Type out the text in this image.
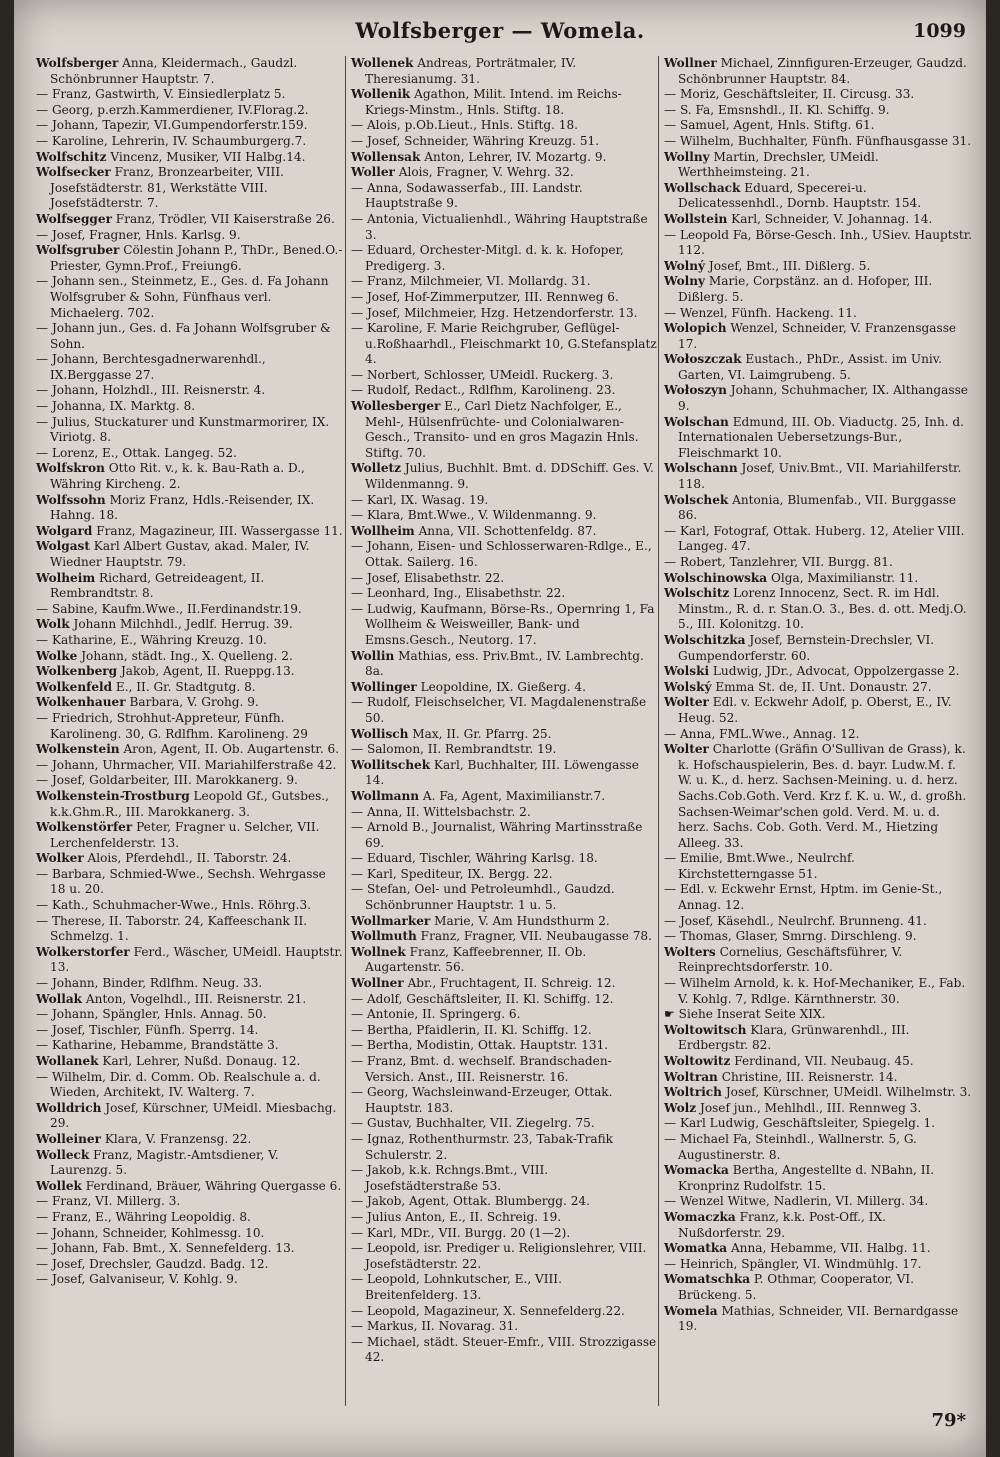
Wolfsberger — Womela.	1099

Wolfsberger Anna, Kleidermach., Gaudzl. Schönbrunner Hauptstr. 7.

— Franz, Gastwirth, V. Einsiedlerplatz 5.

— Georg, p.erzh.Kammerdiener, IV.Florag.2.

— Johann, Tapezir, VI.Gumpendorferstr.159.

— Karoline, Lehrerin, IV. Schaumburgerg.7.

Wolfschitz Vincenz, Musiker, VII Halbg.14.

Wolfsecker Franz, Bronzearbeiter, VIII. Josefstädterstr. 81, Werkstätte VIII. Josefstädterstr. 7.

Wolfsegger Franz, Trödler, VII Kaiserstraße 26.

— Josef, Fragner, Hnls. Karlsg. 9.

Wolfsgruber Cölestin Johann P., ThDr., Bened.O.-Priester, Gymn.Prof., Freiung6.

— Johann sen., Steinmetz, E., Ges. d. Fa Johann Wolfsgruber & Sohn, Fünfhaus verl. Michaelerg. 702.

— Johann jun., Ges. d. Fa Johann Wolfsgruber & Sohn.

— Johann, Berchtesgadnerwarenhdl., IX.Berggasse 27.

— Johann, Holzhdl., III. Reisnerstr. 4.

— Johanna, IX. Marktg. 8.

— Julius, Stuckaturer und Kunstmarmorirer, IX. Viriotg. 8.

— Lorenz, E., Ottak. Langeg. 52.

Wolfskron Otto Rit. v., k. k. Bau-Rath a. D., Währing Kircheng. 2.

Wolfssohn Moriz Franz, Hdls.-Reisender, IX. Hahng. 18.

Wolgard Franz, Magazineur, III. Wassergasse 11.

Wolgast Karl Albert Gustav, akad. Maler, IV. Wiedner Hauptstr. 79.

Wolheim Richard, Getreideagent, II. Rembrandtstr. 8.

— Sabine, Kaufm.Wwe., II.Ferdinandstr.19.

Wolk Johann Milchhdl., Jedlf. Herrug. 39.

— Katharine, E., Währing Kreuzg. 10.

Wolke Johann, städt. Ing., X. Quelleng. 2.

Wolkenberg Jakob, Agent, II. Rueppg.13.

Wolkenfeld E., II. Gr. Stadtgutg. 8.

Wolkenhauer Barbara, V. Grohg. 9.

— Friedrich, Strohhut-Appreteur, Fünfh. Karolineng. 30, G. Rdlfhm. Karolineng. 29

Wolkenstein Aron, Agent, II. Ob. Augartenstr. 6.

— Johann, Uhrmacher, VII. Mariahilferstraße 42.

— Josef, Goldarbeiter, III. Marokkanerg. 9.

Wolkenstein-Trostburg Leopold Gf., Gutsbes., k.k.Ghm.R., III. Marokkanerg. 3.

Wolkenstörfer Peter, Fragner u. Selcher, VII. Lerchenfelderstr. 13.

Wolker Alois, Pferdehdl., II. Taborstr. 24.

— Barbara, Schmied-Wwe., Sechsh. Wehrgasse 18 u. 20.

— Kath., Schuhmacher-Wwe., Hnls. Röhrg.3.

— Therese, II. Taborstr. 24, Kaffeeschank II. Schmelzg. 1.

Wolkerstorfer Ferd., Wäscher, UMeidl. Hauptstr. 13.

— Johann, Binder, Rdlfhm. Neug. 33.

Wollak Anton, Vogelhdl., III. Reisnerstr. 21.

— Johann, Spängler, Hnls. Annag. 50.

— Josef, Tischler, Fünfh. Sperrg. 14.

— Katharine, Hebamme, Brandstätte 3.

Wollanek Karl, Lehrer, Nußd. Donaug. 12.

— Wilhelm, Dir. d. Comm. Ob. Realschule a. d. Wieden, Architekt, IV. Walterg. 7.

Wolldrich Josef, Kürschner, UMeidl. Miesbachg. 29.

Wolleiner Klara, V. Franzensg. 22.

Wolleck Franz, Magistr.-Amtsdiener, V. Laurenzg. 5.

Wollek Ferdinand, Bräuer, Währing Quergasse 6.

— Franz, VI. Millerg. 3.

— Franz, E., Währing Leopoldig. 8.

— Johann, Schneider, Kohlmessg. 10.

— Johann, Fab. Bmt., X. Sennefelderg. 13.

— Josef, Drechsler, Gaudzd. Badg. 12.

— Josef, Galvaniseur, V. Kohlg. 9.

Wollenek Andreas, Porträtmaler, IV. Theresianumg. 31.

Wollenik Agathon, Milit. Intend. im Reichs-Kriegs-Minstm., Hnls. Stiftg. 18.

— Alois, p.Ob.Lieut., Hnls. Stiftg. 18.

— Josef, Schneider, Währing Kreuzg. 51.

Wollensak Anton, Lehrer, IV. Mozartg. 9.

Woller Alois, Fragner, V. Wehrg. 32.

— Anna, Sodawasserfab., III. Landstr. Hauptstraße 9.

— Antonia, Victualienhdl., Währing Hauptstraße 3.

— Eduard, Orchester-Mitgl. d. k. k. Hofoper, Predigerg. 3.

— Franz, Milchmeier, VI. Mollardg. 31.

— Josef, Hof-Zimmerputzer, III. Rennweg 6.

— Josef, Milchmeier, Hzg. Hetzendorferstr. 13.

— Karoline, F. Marie Reichgruber, Geflügel-u.Roßhaarhdl., Fleischmarkt 10, G.Stefansplatz 4.

— Norbert, Schlosser, UMeidl. Ruckerg. 3.

— Rudolf, Redact., Rdlfhm, Karolineng. 23.

Wollesberger E., Carl Dietz Nachfolger, E., Mehl-, Hülsenfrüchte- und Colonialwaren-Gesch., Transito- und en gros Magazin Hnls. Stiftg. 70.

Wolletz Julius, Buchhlt. Bmt. d. DDSchiff. Ges. V. Wildenmanng. 9.

— Karl, IX. Wasag. 19.

— Klara, Bmt.Wwe., V. Wildenmanng. 9.

Wollheim Anna, VII. Schottenfeldg. 87.

— Johann, Eisen- und Schlosserwaren-Rdlge., E., Ottak. Sailerg. 16.

— Josef, Elisabethstr. 22.

— Leonhard, Ing., Elisabethstr. 22.

— Ludwig, Kaufmann, Börse-Rs., Opernring 1, Fa Wollheim & Weisweiller, Bank- und Emsns.Gesch., Neutorg. 17.

Wollin Mathias, ess. Priv.Bmt., IV. Lambrechtg. 8a.

Wollinger Leopoldine, IX. Gießerg. 4.

— Rudolf, Fleischselcher, VI. Magdalenenstraße 50.

Wollisch Max, II. Gr. Pfarrg. 25.

— Salomon, II. Rembrandtstr. 19.

Wollitschek Karl, Buchhalter, III. Löwengasse 14.

Wollmann A. Fa, Agent, Maximilianstr.7.

— Anna, II. Wittelsbachstr. 2.

— Arnold B., Journalist, Währing Martinsstraße 69.

— Eduard, Tischler, Währing Karlsg. 18.

— Karl, Spediteur, IX. Bergg. 22.

— Stefan, Oel- und Petroleumhdl., Gaudzd. Schönbrunner Hauptstr. 1 u. 5.

Wollmarker Marie, V. Am Hundsthurm 2.

Wollmuth Franz, Fragner, VII. Neubaugasse 78.

Wollnek Franz, Kaffeebrenner, II. Ob. Augartenstr. 56.

Wollner Abr., Fruchtagent, II. Schreig. 12.

— Adolf, Geschäftsleiter, II. Kl. Schiffg. 12.

— Antonie, II. Springerg. 6.

— Bertha, Pfaidlerin, II. Kl. Schiffg. 12.

— Bertha, Modistin, Ottak. Hauptstr. 131.

— Franz, Bmt. d. wechself. Brandschaden-Versich. Anst., III. Reisnerstr. 16.

— Georg, Wachsleinwand-Erzeuger, Ottak. Hauptstr. 183.

— Gustav, Buchhalter, VII. Ziegelrg. 75.

— Ignaz, Rothenthurmstr. 23, Tabak-Trafik Schulerstr. 2.

— Jakob, k.k. Rchngs.Bmt., VIII. Josefstädterstraße 53.

— Jakob, Agent, Ottak. Blumbergg. 24.

— Julius Anton, E., II. Schreig. 19.

— Karl, MDr., VII. Burgg. 20 (1—2).

— Leopold, isr. Prediger u. Religionslehrer, VIII. Josefstädterstr. 22.

— Leopold, Lohnkutscher, E., VIII. Breitenfelderg. 13.

— Leopold, Magazineur, X. Sennefelderg.22.

— Markus, II. Novarag. 31.

— Michael, städt. Steuer-Emfr., VIII. Strozzigasse 42.

Wollner Michael, Zinnfiguren-Erzeuger, Gaudzd. Schönbrunner Hauptstr. 84.

— Moriz, Geschäftsleiter, II. Circusg. 33.

— S. Fa, Emsnshdl., II. Kl. Schiffg. 9.

— Samuel, Agent, Hnls. Stiftg. 61.

— Wilhelm, Buchhalter, Fünfh. Fünfhausgasse 31.

Wollny Martin, Drechsler, UMeidl. Werthheimsteing. 21.

Wollschack Eduard, Specerei-u. Delicatessenhdl., Dornb. Hauptstr. 154.

Wollstein Karl, Schneider, V. Johannag. 14.

— Leopold Fa, Börse-Gesch. Inh., USiev. Hauptstr. 112.

Wolný Josef, Bmt., III. Dißlerg. 5.

Wolny Marie, Corpstänz. an d. Hofoper, III. Dißlerg. 5.

— Wenzel, Fünfh. Hackeng. 11.

Wolopich Wenzel, Schneider, V. Franzensgasse 17.

Wołoszczak Eustach., PhDr., Assist. im Univ. Garten, VI. Laimgrubeng. 5.

Wołoszyn Johann, Schuhmacher, IX. Althangasse 9.

Wolschan Edmund, III. Ob. Viaductg. 25, Inh. d. Internationalen Uebersetzungs-Bur., Fleischmarkt 10.

Wolschann Josef, Univ.Bmt., VII. Mariahilferstr. 118.

Wolschek Antonia, Blumenfab., VII. Burggasse 86.

— Karl, Fotograf, Ottak. Huberg. 12, Atelier VIII. Langeg. 47.

— Robert, Tanzlehrer, VII. Burgg. 81.

Wolschinowska Olga, Maximilianstr. 11.

Wolschitz Lorenz Innocenz, Sect. R. im Hdl. Minstm., R. d. r. Stan.O. 3., Bes. d. ott. Medj.O. 5., III. Kolonitzg. 10.

Wolschitzka Josef, Bernstein-Drechsler, VI. Gumpendorferstr. 60.

Wolski Ludwig, JDr., Advocat, Oppolzergasse 2.

Wolský Emma St. de, II. Unt. Donaustr. 27.

Wolter Edl. v. Eckwehr Adolf, p. Oberst, E., IV. Heug. 52.

— Anna, FML.Wwe., Annag. 12.

Wolter Charlotte (Gräfin O'Sullivan de Grass), k. k. Hofschauspielerin, Bes. d. bayr. Ludw.M. f. W. u. K., d. herz. Sachsen-Meining. u. d. herz. Sachs.Cob.Goth. Verd. Krz f. K. u. W., d. großh. Sachsen-Weimar'schen gold. Verd. M. u. d. herz. Sachs. Cob. Goth. Verd. M., Hietzing Alleeg. 33.

— Emilie, Bmt.Wwe., Neulrchf. Kirchstetterngasse 51.

— Edl. v. Eckwehr Ernst, Hptm. im Genie-St., Annag. 12.

— Josef, Käsehdl., Neulrchf. Brunneng. 41.

— Thomas, Glaser, Smrng. Dirschleng. 9.

Wolters Cornelius, Geschäftsführer, V. Reinprechtsdorferstr. 10.

— Wilhelm Arnold, k. k. Hof-Mechaniker, E., Fab. V. Kohlg. 7, Rdlge. Kärnthnerstr. 30.

☛ Siehe Inserat Seite XIX.

Woltowitsch Klara, Grünwarenhdl., III. Erdbergstr. 82.

Woltowitz Ferdinand, VII. Neubaug. 45.

Woltran Christine, III. Reisnerstr. 14.

Woltrich Josef, Kürschner, UMeidl. Wilhelmstr. 3.

Wolz Josef jun., Mehlhdl., III. Rennweg 3.

— Karl Ludwig, Geschäftsleiter, Spiegelg. 1.

— Michael Fa, Steinhdl., Wallnerstr. 5, G. Augustinerstr. 8.

Womacka Bertha, Angestellte d. NBahn, II. Kronprinz Rudolfstr. 15.

— Wenzel Witwe, Nadlerin, VI. Millerg. 34.

Womaczka Franz, k.k. Post-Off., IX. Nußdorferstr. 29.

Womatka Anna, Hebamme, VII. Halbg. 11.

— Heinrich, Spängler, VI. Windmühlg. 17.

Womatschka P. Othmar, Cooperator, VI. Brückeng. 5.

Womela Mathias, Schneider, VII. Bernardgasse 19.

79*
